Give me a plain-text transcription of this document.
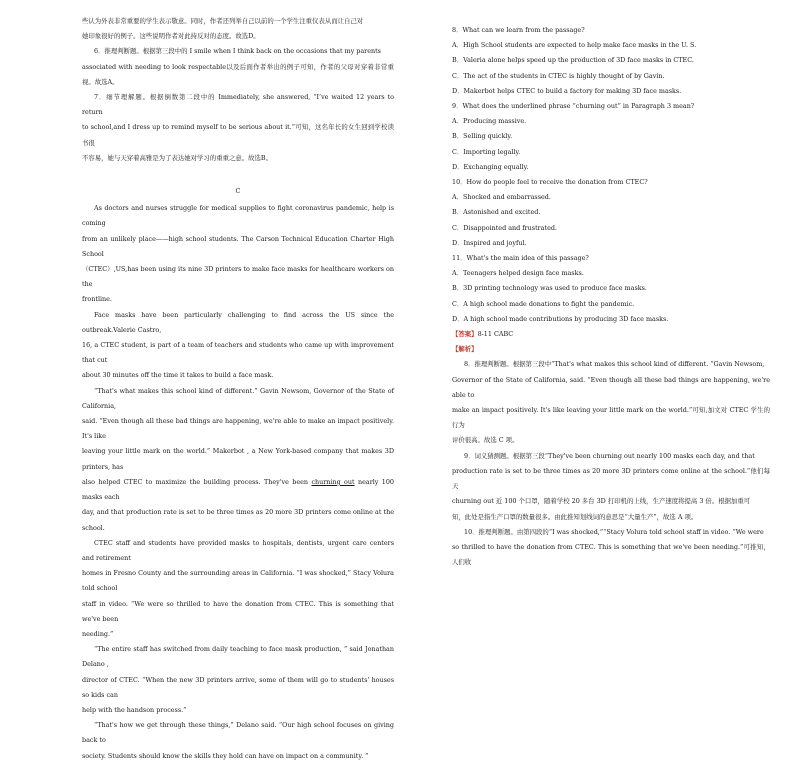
些认为外表非常重要的学生表示敬意。同时，作者还列举自己以前的一个学生注重仪表从而让自己对

她印象很好的例子。这些说明作者对此持反对的态度。故选D。

6．推理判断题。根据第三段中的 I smile when I think back on the occasions that my parents

associated with needing to look respectable以及后面作者举出的例子可知，作者的父母对穿着非常重视。故选A。

7．细节理解题。根据倒数第二段中的 Immediately, she answered, “I’ve waited 12 years to return

to school,and I dress up to remind myself to be serious about it.”可知，这名年长的女生回到学校读书很

不容易，她与天穿着高雅是为了表达她对学习的重重之意。故选B。

C

As doctors and nurses struggle for medical supplies to fight coronavirus pandemic, help is coming

from an unlikely place——high school students. The Carson Technical Education Charter High School

（CTEC）,US,has been using its nine 3D printers to make face masks for healthcare workers on the

frontline.

Face masks have been particularly challenging to find across the US since the outbreak.Valerie Castro,

16, a CTEC student, is part of a team of teachers and students who came up with improvement that cut

about 30 minutes off the time it takes to build a face mask.

“That's what makes this school kind of different.” Gavin Newsom, Governor of the State of California,

said. “Even though all these bad things are happening, we're able to make an impact positively. It's like

leaving your little mark on the world.” Makerbot , a New York-based company that makes 3D printers, has

also helped CTEC to maximize the building process. They've been churning out nearly 100 masks each

day, and that production rate is set to be three times as 20 more 3D printers come online at the school.

CTEC staff and students have provided masks to hospitals, dentists, urgent care centers and retirement

homes in Fresno County and the surrounding areas in California. “I was shocked,” Stacy Volura told school

staff in video. “We were so thrilled to have the donation from CTEC. This is something that we've been

needing.”

“The entire staff has switched from daily teaching to face mask production, ” said Jonathan Delano ,

director of CTEC. “When the new 3D printers arrive, some of them will go to students' houses so kids can

help with the handson process.”

“That's how we get through these things,” Delano said. “Our high school focuses on giving back to

society. Students should know the skills they hold can have on impact on a community. ”

8．What can we learn from the passage?

A．High School students are expected to help make face masks in the U. S.

B．Valeria alone helps speed up the production of 3D face masks in CTEC.

C．The act of the students in CTEC is highly thought of by Gavin.

D．Makerbot helps CTEC to build a factory for making 3D face masks.

9．What does the underlined phrase “churning out” in Paragraph 3 mean?

A．Producing massive.

B．Selling quickly.

C．Importing legally.

D．Exchanging equally.

10．How do people feel to receive the donation from CTEC?

A．Shocked and embarrassed.

B．Astonished and excited.

C．Disappointed and frustrated.

D．Inspired and joyful.

11．What's the main idea of this passage?

A．Teenagers helped design face masks.

B．3D printing technology was used to produce face masks.

C．A high school made donations to fight the pandemic.

D．A high school made contributions by producing 3D face masks.

【答案】8-11 CABC

【解析】

8．推理判断题。根据第三段中“That's what makes this school kind of different. “Gavin Newsom,

Governor of the State of California, said. “Even though all these bad things are happening, we're able to

make an impact positively. It's like leaving your little mark on the world.”可知,加文对 CTEC 学生的行为

评价很高。故选 C 项。

9．词义猜测题。根据第三段“They've been churning out nearly 100 masks each day, and that

production rate is set to be three times as 20 more 3D printers come online at the school.”他们每天

churning out 近 100 个口罩，随着学校 20 多台 3D 打印机的上线，生产速度将提高 3 倍。根据加重可

知，此处是指生产口罩的数量很多。由此推知划线词的意思是“大量生产”，故选 A 项。

10．推理判断题。由第四段的“I was shocked,”“Stacy Volura told school staff in video. “We were

so thrilled to have the donation from CTEC. This is something that we've been needing.”可推知，人们收
